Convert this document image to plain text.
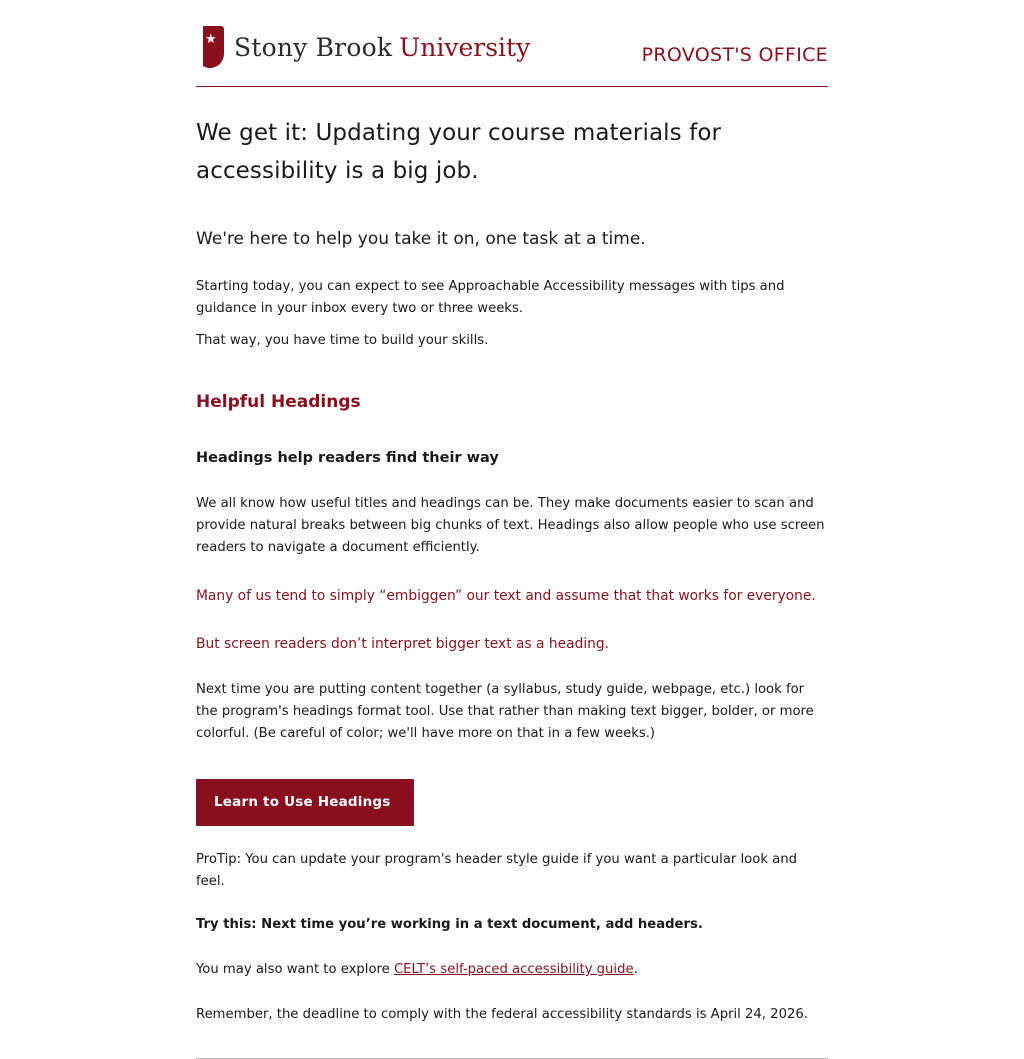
★ Stony Brook University	PROVOST'S OFFICE
We get it: Updating your course materials for accessibility is a big job.
We're here to help you take it on, one task at a time.

Starting today, you can expect to see Approachable Accessibility messages with tips and guidance in your inbox every two or three weeks.

That way, you have time to build your skills.

Helpful Headings
Headings help readers find their way

We all know how useful titles and headings can be. They make documents easier to scan and provide natural breaks between big chunks of text. Headings also allow people who use screen readers to navigate a document efficiently.

Many of us tend to simply “embiggen” our text and assume that that works for everyone.

But screen readers don’t interpret bigger text as a heading.

Next time you are putting content together (a syllabus, study guide, webpage, etc.) look for the program's headings format tool. Use that rather than making text bigger, bolder, or more colorful. (Be careful of color; we'll have more on that in a few weeks.)

Learn to Use Headings

ProTip: You can update your program's header style guide if you want a particular look and feel.

Try this: Next time you’re working in a text document, add headers.

You may also want to explore CELT’s self-paced accessibility guide.

Remember, the deadline to comply with the federal accessibility standards is April 24, 2026.
